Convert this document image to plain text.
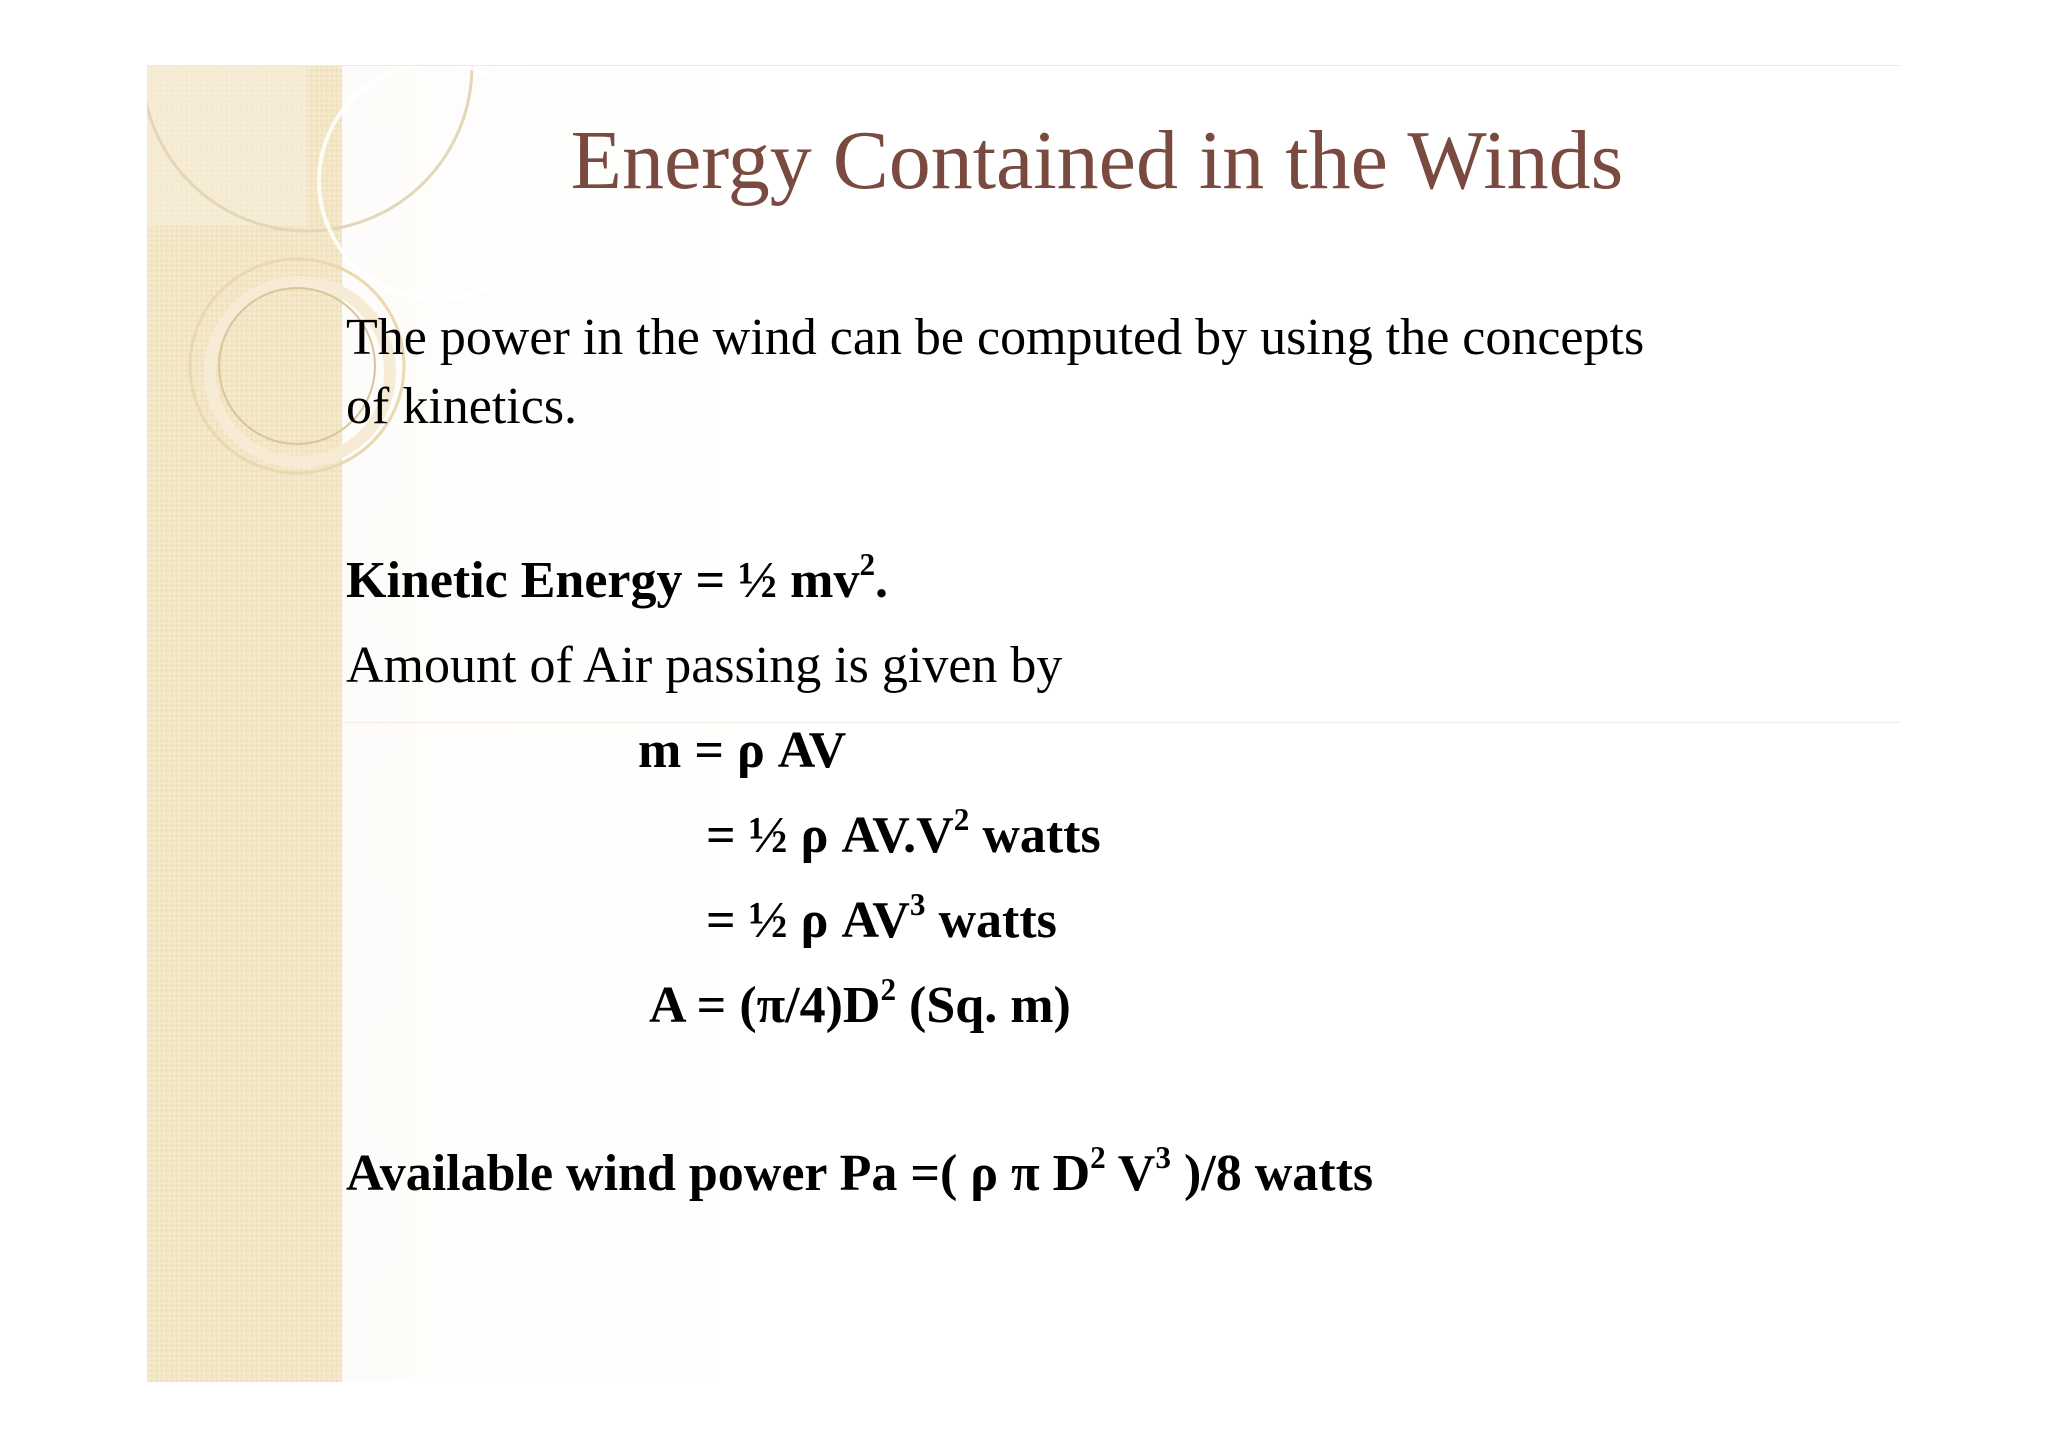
Energy Contained in the Winds
The power in the wind can be computed by using the concepts
of kinetics.
Kinetic Energy = ½ $mv^2$.
Amount of Air passing is given by
m = ρ AV
= ½ ρ $AV.V^2$ watts
= ½ ρ $AV^3$ watts
$A = (\pi/4)D^2$ (Sq. m)
Available wind power Pa =( ρ π $D^2$ $V^3$ )/8 watts
